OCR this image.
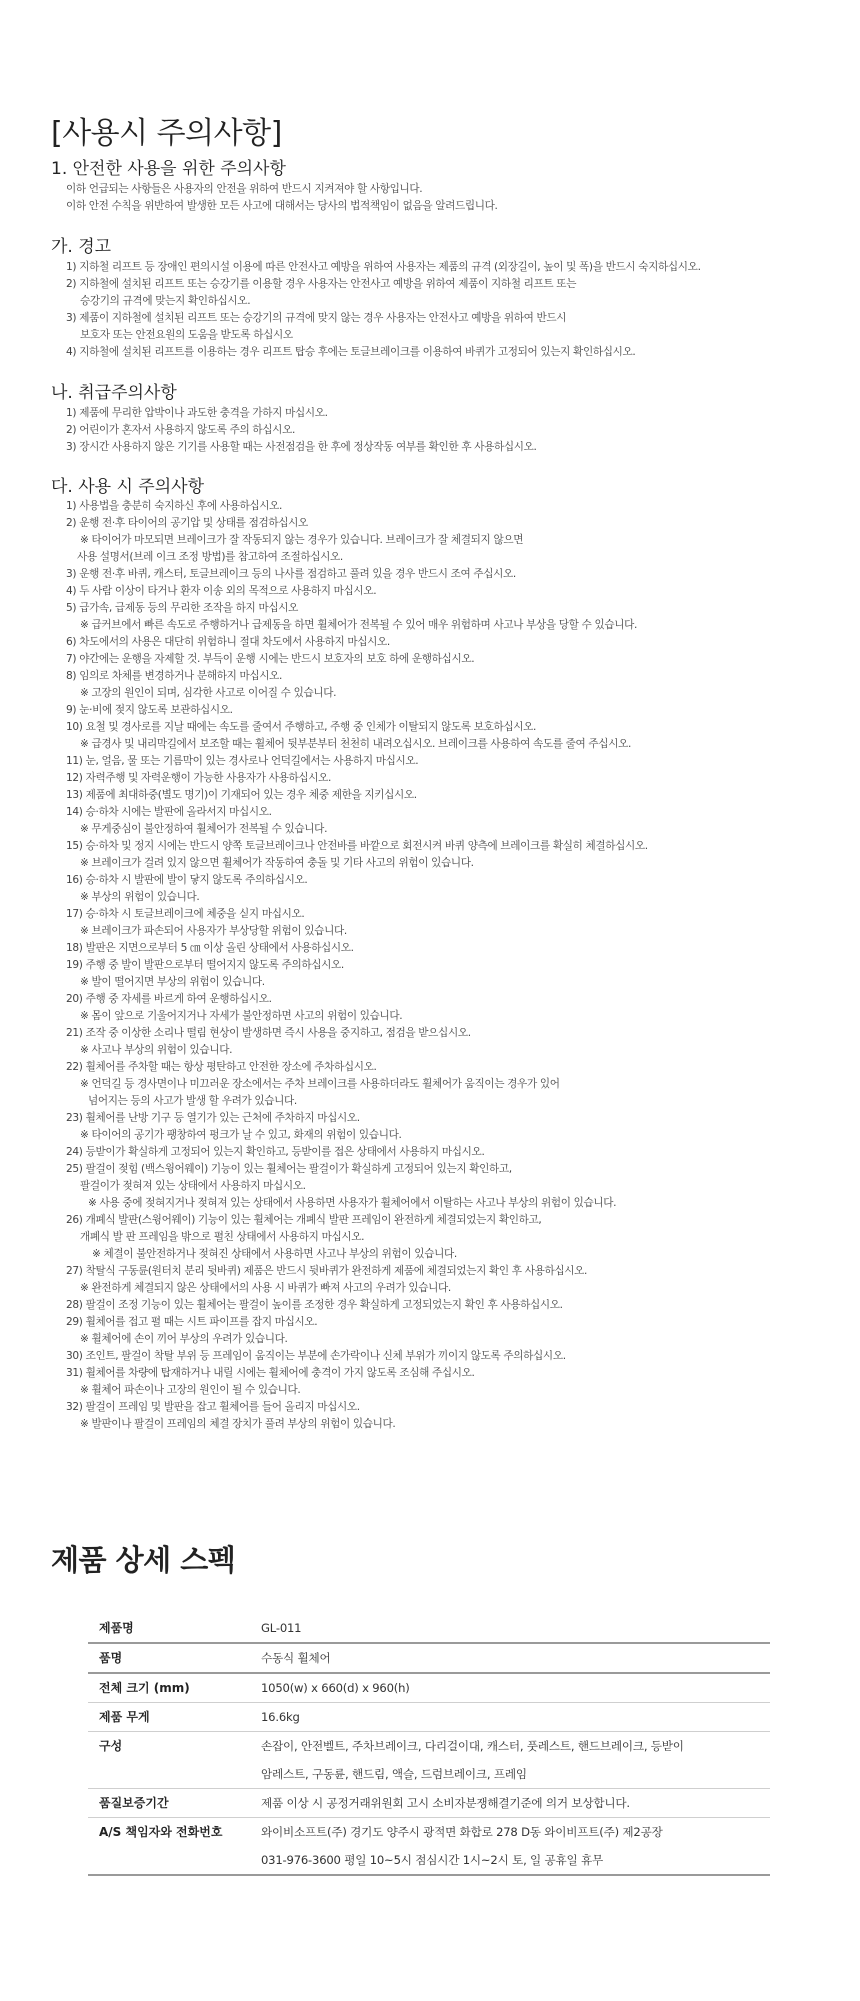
[사용시 주의사항]
1. 안전한 사용을 위한 주의사항
이하 언급되는 사항들은 사용자의 안전을 위하여 반드시 지켜져야 할 사항입니다.
이하 안전 수칙을 위반하여 발생한 모든 사고에 대해서는 당사의 법적책임이 없음을 알려드립니다.
가. 경고
1) 지하철 리프트 등 장애인 편의시설 이용에 따른 안전사고 예방을 위하여 사용자는 제품의 규격 (외장길이, 높이 및 폭)을 반드시 숙지하십시오.
2) 지하철에 설치된 리프트 또는 승강기를 이용할 경우 사용자는 안전사고 예방을 위하여 제품이 지하철 리프트 또는
승강기의 규격에 맞는지 확인하십시오.
3) 제품이 지하철에 설치된 리프트 또는 승강기의 규격에 맞지 않는 경우 사용자는 안전사고 예방을 위하여 반드시
보호자 또는 안전요원의 도움을 받도록 하십시오
4) 지하철에 설치된 리프트를 이용하는 경우 리프트 탑승 후에는 토글브레이크를 이용하여 바퀴가 고정되어 있는지 확인하십시오.
나. 취급주의사항
1) 제품에 무리한 압박이나 과도한 충격을 가하지 마십시오.
2) 어린이가 혼자서 사용하지 않도록 주의 하십시오.
3) 장시간 사용하지 않은 기기를 사용할 때는 사전점검을 한 후에 정상작동 여부를 확인한 후 사용하십시오.
다. 사용 시 주의사항
1) 사용법을 충분히 숙지하신 후에 사용하십시오.
2) 운행 전·후 타이어의 공기압 및 상태를 점검하십시오
※ 타이어가 마모되면 브레이크가 잘 작동되지 않는 경우가 있습니다. 브레이크가 잘 체결되지 않으면
사용 설명서(브레 이크 조정 방법)를 참고하여 조절하십시오.
3) 운행 전·후 바퀴, 캐스터, 토글브레이크 등의 나사를 점검하고 풀려 있을 경우 반드시 조여 주십시오.
4) 두 사람 이상이 타거나 환자 이송 외의 목적으로 사용하지 마십시오.
5) 급가속, 급제동 등의 무리한 조작을 하지 마십시오
※ 급커브에서 빠른 속도로 주행하거나 급제동을 하면 휠체어가 전복될 수 있어 매우 위험하며 사고나 부상을 당할 수 있습니다.
6) 차도에서의 사용은 대단히 위험하니 절대 차도에서 사용하지 마십시오.
7) 야간에는 운행을 자제할 것. 부득이 운행 시에는 반드시 보호자의 보호 하에 운행하십시오.
8) 임의로 차체를 변경하거나 분해하지 마십시오.
※ 고장의 원인이 되며, 심각한 사고로 이어질 수 있습니다.
9) 눈·비에 젖지 않도록 보관하십시오.
10) 요철 및 경사로를 지날 때에는 속도를 줄여서 주행하고, 주행 중 인체가 이탈되지 않도록 보호하십시오.
※ 급경사 및 내리막길에서 보조할 때는 휠체어 뒷부분부터 천천히 내려오십시오. 브레이크를 사용하여 속도를 줄여 주십시오.
11) 눈, 얼음, 물 또는 기름막이 있는 경사로나 언덕길에서는 사용하지 마십시오.
12) 자력주행 및 자력운행이 가능한 사용자가 사용하십시오.
13) 제품에 최대하중(별도 명기)이 기재되어 있는 경우 체중 제한을 지키십시오.
14) 승·하차 시에는 발판에 올라서지 마십시오.
※ 무게중심이 불안정하여 휠체어가 전복될 수 있습니다.
15) 승·하차 및 정지 시에는 반드시 양쪽 토글브레이크나 안전바를 바깥으로 회전시켜 바퀴 양측에 브레이크를 확실히 체결하십시오.
※ 브레이크가 걸려 있지 않으면 휠체어가 작동하여 충돌 및 기타 사고의 위험이 있습니다.
16) 승·하차 시 발판에 발이 닿지 않도록 주의하십시오.
※ 부상의 위험이 있습니다.
17) 승·하차 시 토글브레이크에 체중을 싣지 마십시오.
※ 브레이크가 파손되어 사용자가 부상당할 위험이 있습니다.
18) 발판은 지면으로부터 5 ㎝ 이상 올린 상태에서 사용하십시오.
19) 주행 중 발이 발판으로부터 떨어지지 않도록 주의하십시오.
※ 발이 떨어지면 부상의 위험이 있습니다.
20) 주행 중 자세를 바르게 하여 운행하십시오.
※ 몸이 앞으로 기울어지거나 자세가 불안정하면 사고의 위험이 있습니다.
21) 조작 중 이상한 소리나 떨림 현상이 발생하면 즉시 사용을 중지하고, 점검을 받으십시오.
※ 사고나 부상의 위험이 있습니다.
22) 휠체어를 주차할 때는 항상 평탄하고 안전한 장소에 주차하십시오.
※ 언덕길 등 경사면이나 미끄러운 장소에서는 주차 브레이크를 사용하더라도 휠체어가 움직이는 경우가 있어
넘어지는 등의 사고가 발생 할 우려가 있습니다.
23) 휠체어를 난방 기구 등 열기가 있는 근처에 주차하지 마십시오.
※ 타이어의 공기가 팽창하여 펑크가 날 수 있고, 화재의 위험이 있습니다.
24) 등받이가 확실하게 고정되어 있는지 확인하고, 등받이를 접은 상태에서 사용하지 마십시오.
25) 팔걸이 젖힘 (백스윙어웨이) 기능이 있는 휠체어는 팔걸이가 확실하게 고정되어 있는지 확인하고,
팔걸이가 젖혀져 있는 상태에서 사용하지 마십시오.
※ 사용 중에 젖혀지거나 젖혀져 있는 상태에서 사용하면 사용자가 휠체어에서 이탈하는 사고나 부상의 위험이 있습니다.
26) 개폐식 발판(스윙어웨이) 기능이 있는 휠체어는 개폐식 발판 프레임이 완전하게 체결되었는지 확인하고,
개폐식 발 판 프레임을 밖으로 펼친 상태에서 사용하지 마십시오.
※ 체결이 불안전하거나 젖혀진 상태에서 사용하면 사고나 부상의 위험이 있습니다.
27) 착탈식 구동륜(원터치 분리 뒷바퀴) 제품은 반드시 뒷바퀴가 완전하게 제품에 체결되었는지 확인 후 사용하십시오.
※ 완전하게 체결되지 않은 상태에서의 사용 시 바퀴가 빠져 사고의 우려가 있습니다.
28) 팔걸이 조정 기능이 있는 휠체어는 팔걸이 높이를 조정한 경우 확실하게 고정되었는지 확인 후 사용하십시오.
29) 휠체어를 접고 펼 때는 시트 파이프를 잡지 마십시오.
※ 휠체어에 손이 끼어 부상의 우려가 있습니다.
30) 조인트, 팔걸이 착탈 부위 등 프레임이 움직이는 부분에 손가락이나 신체 부위가 끼이지 않도록 주의하십시오.
31) 휠체어를 차량에 탑재하거나 내릴 시에는 휠체어에 충격이 가지 않도록 조심해 주십시오.
※ 휠체어 파손이나 고장의 원인이 될 수 있습니다.
32) 팔걸이 프레임 및 발판을 잡고 휠체어를 들어 올리지 마십시오.
※ 발판이나 팔걸이 프레임의 체결 장치가 풀려 부상의 위험이 있습니다.
제품 상세 스펙
제품명	GL-011

품명	수동식 휠체어

전체 크기 (mm)	1050(w) x 660(d) x 960(h)

제품 무게	16.6kg

구성	손잡이, 안전벨트, 주차브레이크, 다리걸이대, 캐스터, 풋레스트, 핸드브레이크, 등받이
암레스트, 구동륜, 핸드림, 액슬, 드럼브레이크, 프레임

품질보증기간	제품 이상 시 공정거래위원회 고시 소비자분쟁해결기준에 의거 보상합니다.

A/S 책임자와 전화번호	와이비소프트(주) 경기도 양주시 광적면 화합로 278 D동 와이비프트(주) 제2공장
031-976-3600 평일 10~5시 점심시간 1시~2시 토, 일 공휴일 휴무
